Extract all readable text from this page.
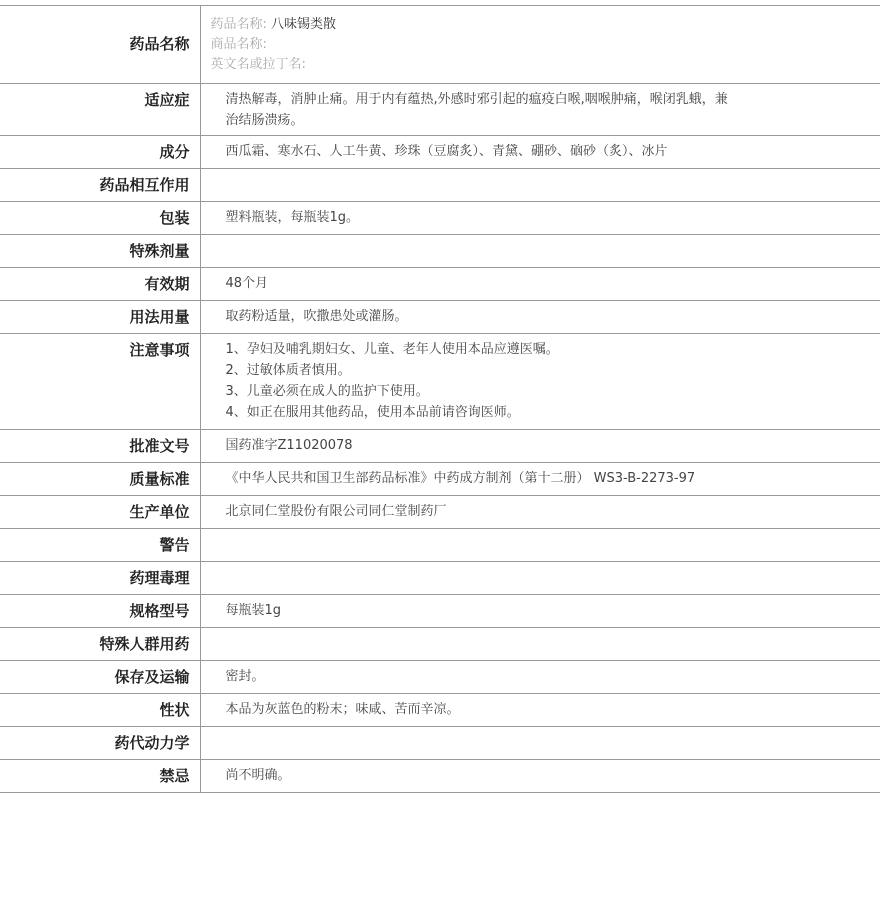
药品名称	药品名称: 八味锡类散
商品名称:
英文名或拉丁名:

适应症	清热解毒，消肿止痛。用于内有蕴热,外感时邪引起的瘟疫白喉,咽喉肿痛，喉闭乳蛾，兼
治结肠溃疡。

成分	西瓜霜、寒水石、人工牛黄、珍珠（豆腐炙）、青黛、硼砂、硇砂（炙）、冰片
药品相互作用	
包装	塑料瓶装，每瓶装1g。
特殊剂量	
有效期	48个月
用法用量	取药粉适量，吹撒患处或灌肠。
注意事项	1、孕妇及哺乳期妇女、儿童、老年人使用本品应遵医嘱。
2、过敏体质者慎用。
3、儿童必须在成人的监护下使用。
4、如正在服用其他药品，使用本品前请咨询医师。

批准文号	国药准字Z11020078
质量标准	《中华人民共和国卫生部药品标准》中药成方制剂（第十二册） WS3-B-2273-97
生产单位	北京同仁堂股份有限公司同仁堂制药厂
警告	
药理毒理	
规格型号	每瓶装1g
特殊人群用药	
保存及运输	密封。
性状	本品为灰蓝色的粉末；味咸、苦而辛凉。
药代动力学	
禁忌	尚不明确。
